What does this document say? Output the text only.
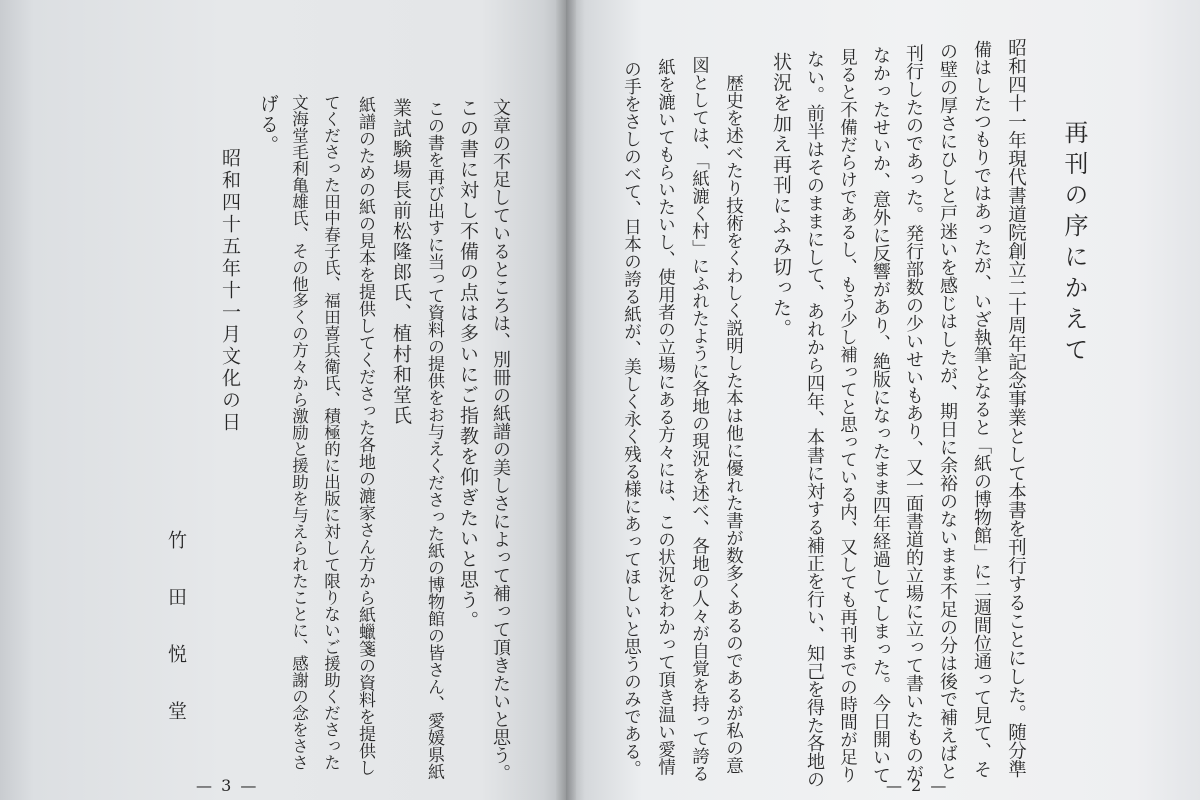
文章の不足しているところは、別冊の紙譜の美しさによって補って頂きたいと思う。
この書に対し不備の点は多いにご指教を仰ぎたいと思う。
この書を再び出すに当って資料の提供をお与えくださった紙の博物館の皆さん、愛媛県紙
業試験場長前松隆郎氏、植村和堂氏
紙譜のための紙の見本を提供してくださった各地の漉家さん方から紙蠟箋の資料を提供し
てくださった田中春子氏、福田喜兵衛氏、積極的に出版に対して限りないご援助くださった
文海堂毛利亀雄氏、その他多くの方々から激励と援助を与えられたことに、感謝の念をささ
げる。
昭和四十五年十一月文化の日
竹田悦堂
— 3 —
再刊の序にかえて
昭和四十一年現代書道院創立二十周年記念事業として本書を刊行することにした。随分準
備はしたつもりではあったが、いざ執筆となると「紙の博物館」に二週間位通って見て、そ
の壁の厚さにひしと戸迷いを感じはしたが、期日に余裕のないまま不足の分は後で補えばと
刊行したのであった。発行部数の少いせいもあり、又一面書道的立場に立って書いたものが
なかったせいか、意外に反響があり、絶版になったまま四年経過してしまった。今日開いて
見ると不備だらけであるし、もう少し補ってと思っている内、又しても再刊までの時間が足り
ない。前半はそのままにして、あれから四年、本書に対する補正を行い、知己を得た各地の
状況を加え再刊にふみ切った。
歴史を述べたり技術をくわしく説明した本は他に優れた書が数多くあるのであるが私の意
図としては、「紙漉く村」にふれたように各地の現況を述べ、各地の人々が自覚を持って誇る
紙を漉いてもらいたいし、使用者の立場にある方々には、この状況をわかって頂き温い愛情
の手をさしのべて、日本の誇る紙が、美しく永く残る様にあってほしいと思うのみである。
— 2 —
